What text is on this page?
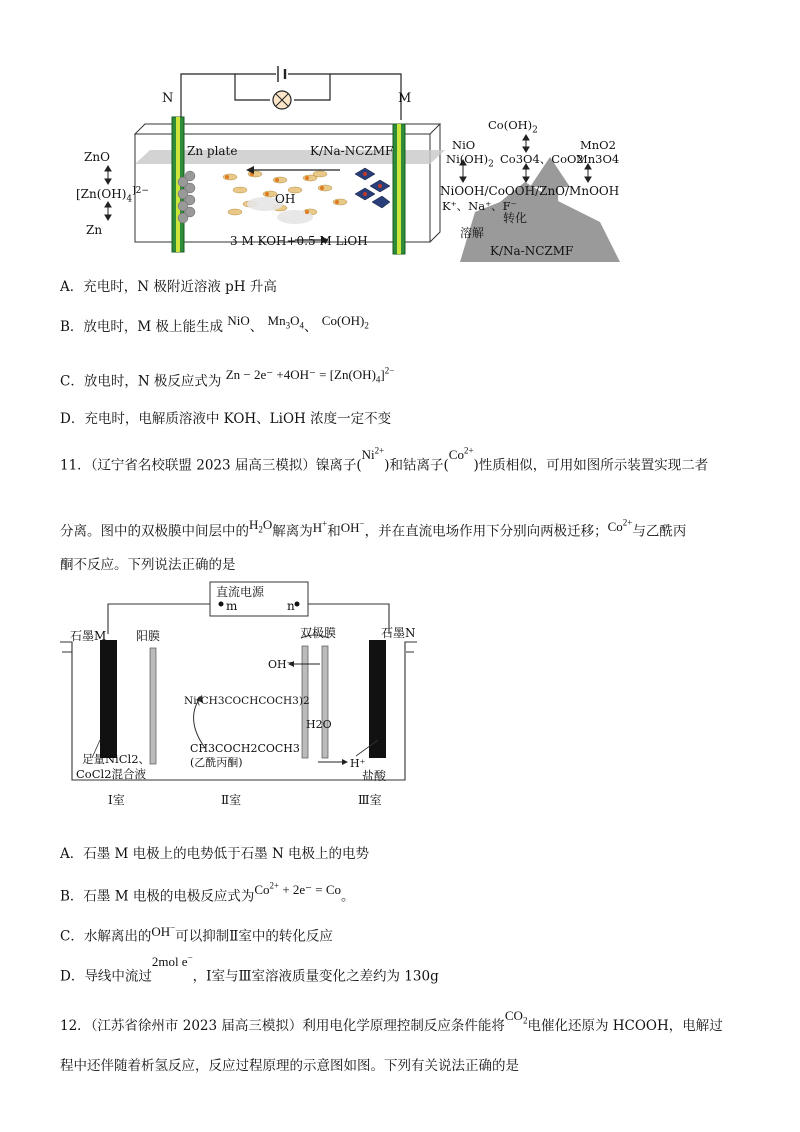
N	M
Zn plate	K/Na-NCZMF
OH
3 M KOH+0.5 M LiOH
ZnO
[$Zn(OH)_4^{]2-}$
Zn
$Co(OH)_2$
NiO
$Ni(OH)_2$ Co3O4、CoO2
MnO2
Mn3O4
NiOOH/CoOOH/ZnO/MnOOH
K⁺、Na⁺、F⁻
转化
溶解
K/Na-NCZMF
A．充电时，N 极附近溶液 pH 升高
B．放电时，M 极上能生成 NiO、 $Mn_3O_4$、 $Co(OH)_2$
C．放电时，N 极反应式为 $Zn - 2e^- +4OH^- = [Zn(OH)_4]^{2-}$
D．充电时，电解质溶液中 KOH、LiOH 浓度一定不变
11．（辽宁省名校联盟 2023 届高三模拟）镍离子$(Ni^{2+})$和钴离子$(Co^{2+})$性质相似，可用如图所示装置实现二者
分离。图中的双极膜中间层中的$H_2O$解离为H+和OH−，并在直流电场作用下分别向两极迁移；$Co^{2+}$与乙酰丙
酮不反应。下列说法正确的是
直流电源
m	n
石墨M 阳膜	双极膜	石墨N
OH⁻
Ni(CH3COCHCOCH3)2
H2O
CH3COCH2COCH3
(乙酰丙酮)	H⁺
足量NiCl2、
CoCl2混合液	盐酸
Ⅰ室	Ⅱ室	Ⅲ室
A．石墨 M 电极上的电势低于石墨 N 电极上的电势
B．石墨 M 电极的电极反应式为$Co^{2+} + 2e^- = Co$。
C．水解离出的OH−可以抑制Ⅱ室中的转化反应
D．导线中流过2mol e−，Ⅰ室与Ⅲ室溶液质量变化之差约为 130g
12．（江苏省徐州市 2023 届高三模拟）利用电化学原理控制反应条件能将$CO_2$电催化还原为 HCOOH，电解过
程中还伴随着析氢反应，反应过程原理的示意图如图。下列有关说法正确的是
